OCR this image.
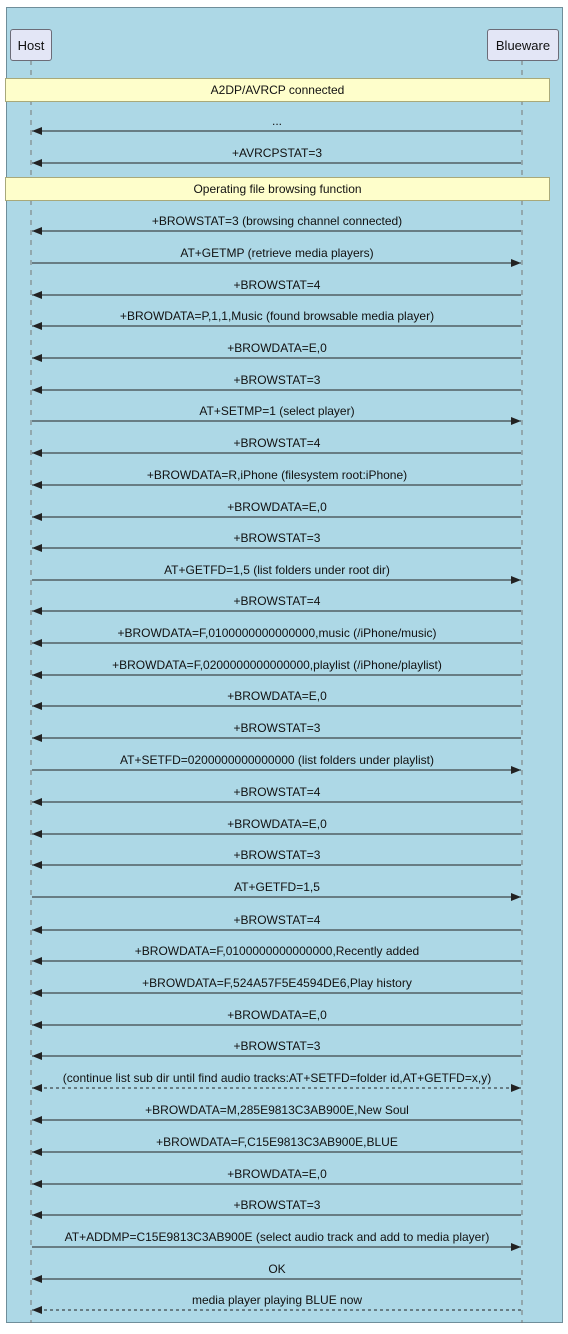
Host	Blueware
A2DP/AVRCP connected
Operating file browsing function
...
+AVRCPSTAT=3
+BROWSTAT=3 (browsing channel connected)
AT+GETMP (retrieve media players)
+BROWSTAT=4
+BROWDATA=P,1,1,Music (found browsable media player)
+BROWDATA=E,0
+BROWSTAT=3
AT+SETMP=1 (select player)
+BROWSTAT=4
+BROWDATA=R,iPhone (filesystem root:iPhone)
+BROWDATA=E,0
+BROWSTAT=3
AT+GETFD=1,5 (list folders under root dir)
+BROWSTAT=4
+BROWDATA=F,0100000000000000,music (/iPhone/music)
+BROWDATA=F,0200000000000000,playlist (/iPhone/playlist)
+BROWDATA=E,0
+BROWSTAT=3
AT+SETFD=0200000000000000 (list folders under playlist)
+BROWSTAT=4
+BROWDATA=E,0
+BROWSTAT=3
AT+GETFD=1,5
+BROWSTAT=4
+BROWDATA=F,0100000000000000,Recently added
+BROWDATA=F,524A57F5E4594DE6,Play history
+BROWDATA=E,0
+BROWSTAT=3
(continue list sub dir until find audio tracks:AT+SETFD=folder id,AT+GETFD=x,y)
+BROWDATA=M,285E9813C3AB900E,New Soul
+BROWDATA=F,C15E9813C3AB900E,BLUE
+BROWDATA=E,0
+BROWSTAT=3
AT+ADDMP=C15E9813C3AB900E (select audio track and add to media player)
OK
media player playing BLUE now
